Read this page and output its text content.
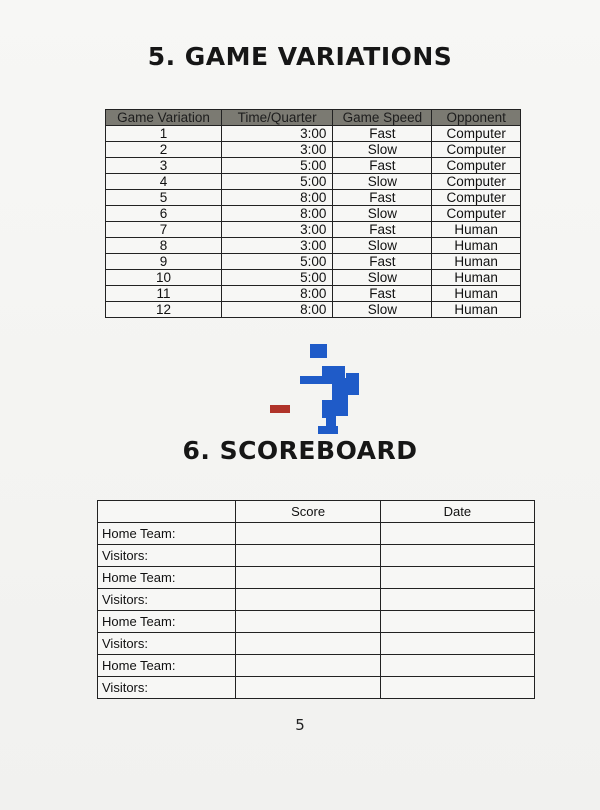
5. GAME VARIATIONS
Game Variation	Time/Quarter	Game Speed	Opponent
1	3:00	Fast	Computer
2	3:00	Slow	Computer
3	5:00	Fast	Computer
4	5:00	Slow	Computer
5	8:00	Fast	Computer
6	8:00	Slow	Computer
7	3:00	Fast	Human
8	3:00	Slow	Human
9	5:00	Fast	Human
10	5:00	Slow	Human
11	8:00	Fast	Human
12	8:00	Slow	Human
6. SCOREBOARD
	Score	Date
Home Team:		
Visitors:		
Home Team:		
Visitors:		
Home Team:		
Visitors:		
Home Team:		
Visitors:		
5
